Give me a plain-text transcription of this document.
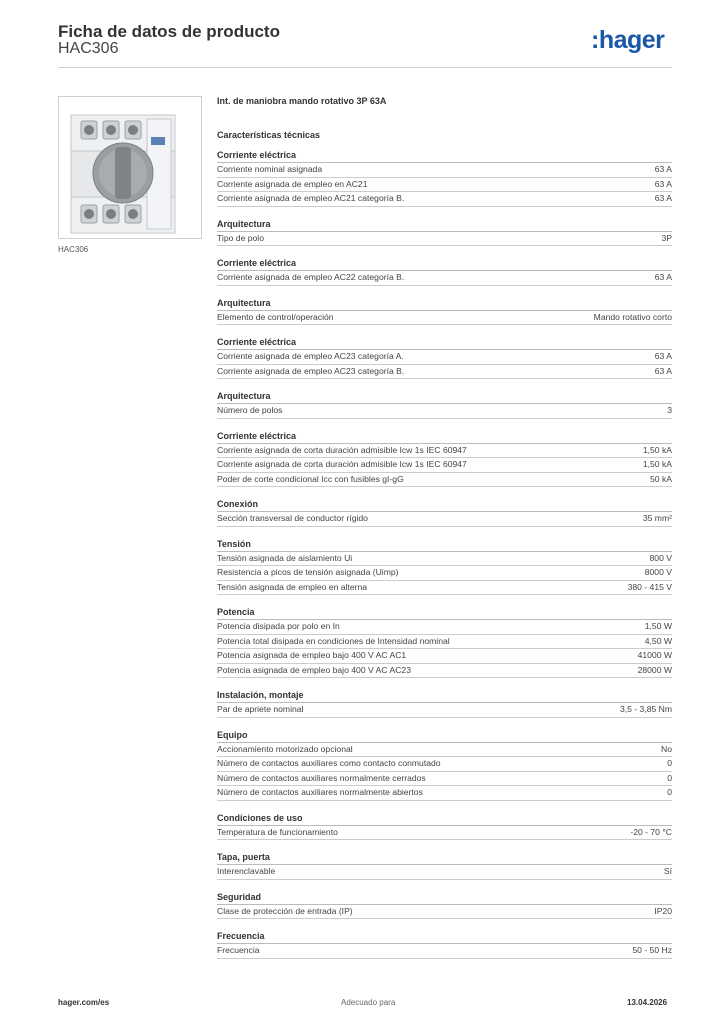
Ficha de datos de producto
HAC306	:hager
HAC306
Int. de maniobra mando rotativo 3P 63A
Características técnicas
Corriente eléctrica
Corriente nominal asignada	63 A
Corriente asignada de empleo en AC21	63 A
Corriente asignada de empleo AC21 categoría B.	63 A
Arquitectura
Tipo de polo	3P
Corriente eléctrica
Corriente asignada de empleo AC22 categoría B.	63 A
Arquitectura
Elemento de control/operación	Mando rotativo corto
Corriente eléctrica
Corriente asignada de empleo AC23 categoría A.	63 A
Corriente asignada de empleo AC23 categoría B.	63 A
Arquitectura
Número de polos	3
Corriente eléctrica
Corriente asignada de corta duración admisible Icw 1s IEC 60947	1,50 kA
Corriente asignada de corta duración admisible Icw 1s IEC 60947	1,50 kA
Poder de corte condicional Icc con fusibles gI-gG	50 kA
Conexión
Sección transversal de conductor rígido	35 mm²
Tensión
Tensión asignada de aislamiento Ui	800 V
Resistencia a picos de tensión asignada (Uimp)	8000 V
Tensión asignada de empleo en alterna	380 - 415 V
Potencia
Potencia disipada por polo en In	1,50 W
Potencia total disipada en condiciones de Intensidad nominal	4,50 W
Potencia asignada de empleo bajo 400 V AC AC1	41000 W
Potencia asignada de empleo bajo 400 V AC AC23	28000 W
Instalación, montaje
Par de apriete nominal	3,5 - 3,85 Nm
Equipo
Accionamiento motorizado opcional	No
Número de contactos auxiliares como contacto conmutado	0
Número de contactos auxiliares normalmente cerrados	0
Número de contactos auxiliares normalmente abiertos	0
Condiciones de uso
Temperatura de funcionamiento	-20 - 70 °C
Tapa, puerta
Interenclavable	Sí
Seguridad
Clase de protección de entrada (IP)	IP20
Frecuencia
Frecuencia	50 - 50 Hz
hager.com/es	Adecuado para	13.04.2026
